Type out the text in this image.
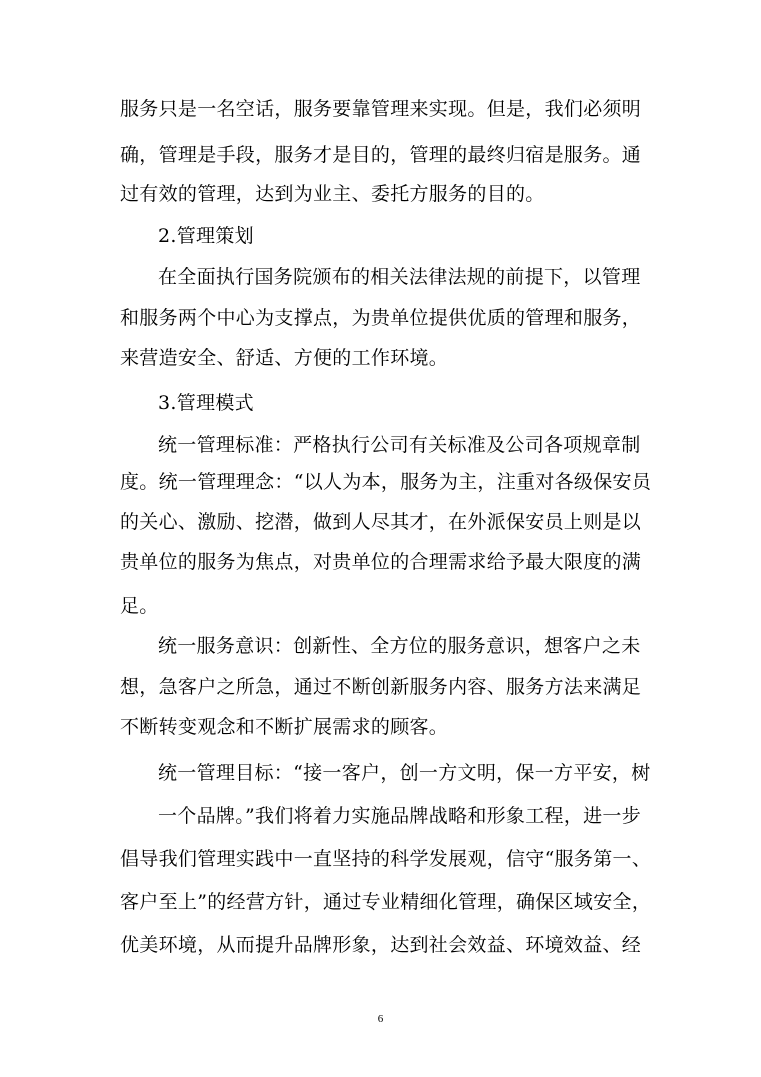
服务只是一名空话，服务要靠管理来实现。但是，我们必须明
确，管理是手段，服务才是目的，管理的最终归宿是服务。通
过有效的管理，达到为业主、委托方服务的目的。
2.管理策划
在全面执行国务院颁布的相关法律法规的前提下，以管理
和服务两个中心为支撑点，为贵单位提供优质的管理和服务，
来营造安全、舒适、方便的工作环境。
3.管理模式
统一管理标准：严格执行公司有关标准及公司各项规章制
度。统一管理理念：“以人为本，服务为主，注重对各级保安员
的关心、激励、挖潜，做到人尽其才，在外派保安员上则是以
贵单位的服务为焦点，对贵单位的合理需求给予最大限度的满
足。
统一服务意识：创新性、全方位的服务意识，想客户之未
想，急客户之所急，通过不断创新服务内容、服务方法来满足
不断转变观念和不断扩展需求的顾客。
统一管理目标：“接一客户，创一方文明，保一方平安，树
一个品牌。”我们将着力实施品牌战略和形象工程，进一步
倡导我们管理实践中一直坚持的科学发展观，信守“服务第一、
客户至上”的经营方针，通过专业精细化管理，确保区域安全，
优美环境，从而提升品牌形象，达到社会效益、环境效益、经
6
